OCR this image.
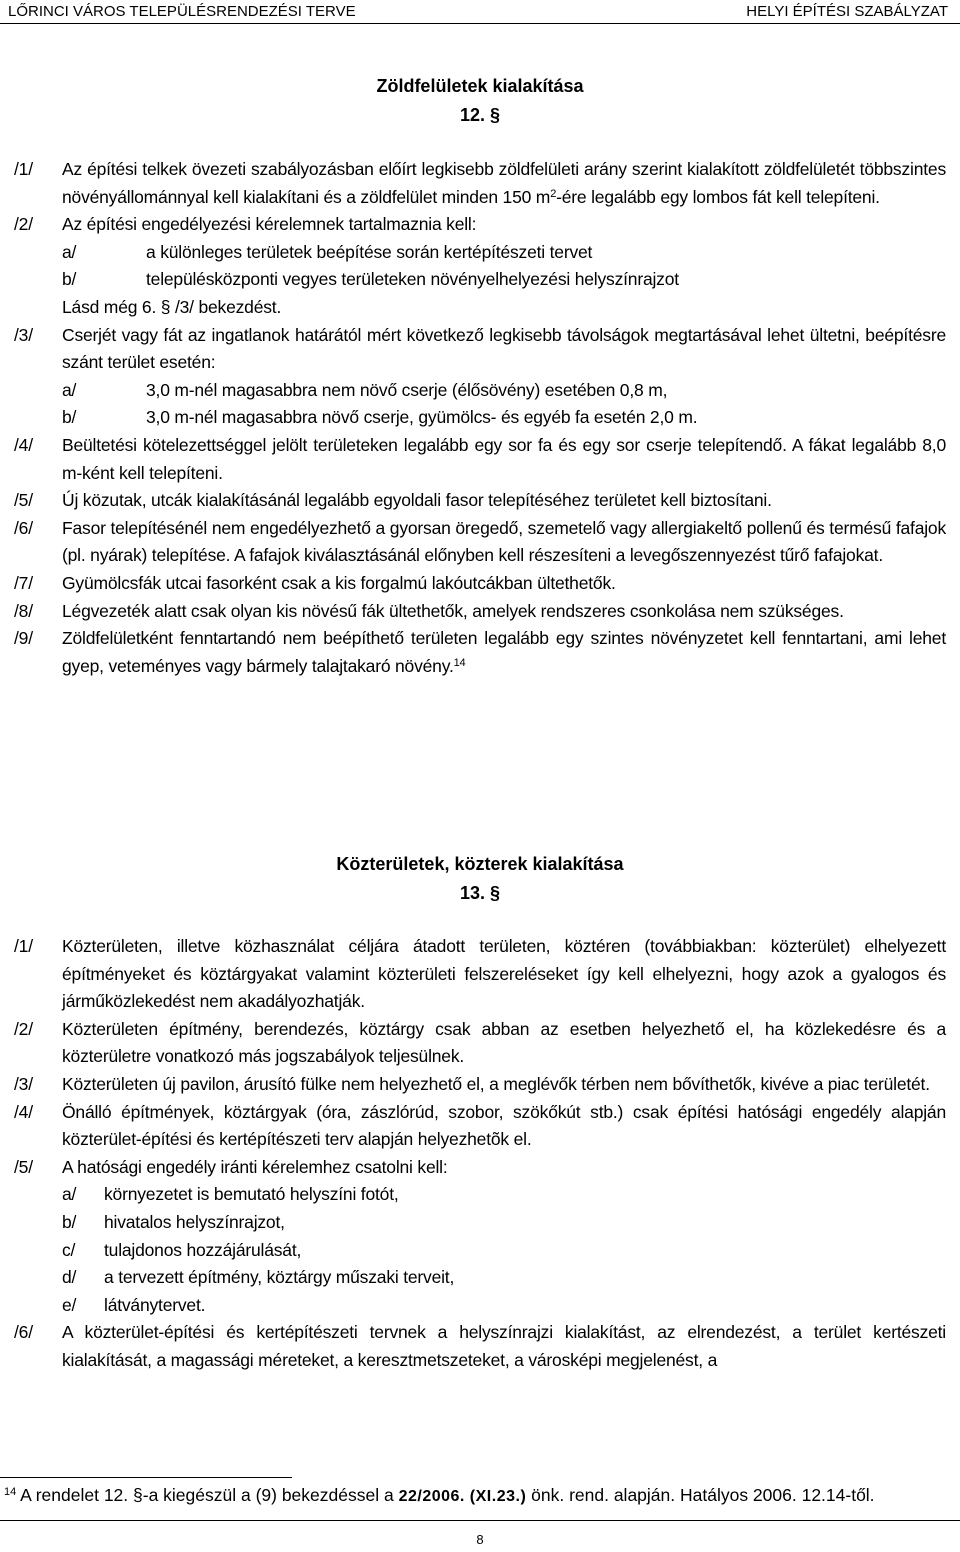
LŐRINCI VÁROS TELEPÜLÉSRENDEZÉSI TERVE	HELYI ÉPÍTÉSI SZABÁLYZAT
Zöldfelületek kialakítása
12. §
/1/ Az építési telkek övezeti szabályozásban előírt legkisebb zöldfelületi arány szerint kialakított zöldfelületét többszintes növényállománnyal kell kialakítani és a zöldfelület minden 150 $m^2$-ére legalább egy lombos fát kell telepíteni.
/2/ Az építési engedélyezési kérelemnek tartalmaznia kell:
a/	a különleges területek beépítése során kertépítészeti tervet
b/	településközponti vegyes területeken növényelhelyezési helyszínrajzot
Lásd még 6. § /3/ bekezdést.
/3/ Cserjét vagy fát az ingatlanok határától mért következő legkisebb távolságok megtartásával lehet ültetni, beépítésre szánt terület esetén:
a/	3,0 m-nél magasabbra nem növő cserje (élősövény) esetében 0,8 m,
b/	3,0 m-nél magasabbra növő cserje, gyümölcs- és egyéb fa esetén 2,0 m.
/4/ Beültetési kötelezettséggel jelölt területeken legalább egy sor fa és egy sor cserje telepítendő. A fákat legalább 8,0 m-ként kell telepíteni.
/5/ Új közutak, utcák kialakításánál legalább egyoldali fasor telepítéséhez területet kell biztosítani.
/6/ Fasor telepítésénél nem engedélyezhető a gyorsan öregedő, szemetelő vagy allergiakeltő pollenű és termésű fafajok (pl. nyárak) telepítése. A fafajok kiválasztásánál előnyben kell részesíteni a levegőszennyezést tűrő fafajokat.
/7/ Gyümölcsfák utcai fasorként csak a kis forgalmú lakóutcákban ültethetők.
/8/ Légvezeték alatt csak olyan kis növésű fák ültethetők, amelyek rendszeres csonkolása nem szükséges.
/9/ Zöldfelületként fenntartandó nem beépíthető területen legalább egy szintes növényzetet kell fenntartani, ami lehet gyep, veteményes vagy bármely talajtakaró növény.$^{14}$
Közterületek, közterek kialakítása
13. §
/1/ Közterületen, illetve közhasználat céljára átadott területen, köztéren (továbbiakban: közterület) elhelyezett építményeket és köztárgyakat valamint közterületi felszereléseket így kell elhelyezni, hogy azok a gyalogos és járműközlekedést nem akadályozhatják.
/2/ Közterületen építmény, berendezés, köztárgy csak abban az esetben helyezhető el, ha közlekedésre és a közterületre vonatkozó más jogszabályok teljesülnek.
/3/ Közterületen új pavilon, árusító fülke nem helyezhető el, a meglévők térben nem bővíthetők, kivéve a piac területét.
/4/ Önálló építmények, köztárgyak (óra, zászlórúd, szobor, szökőkút stb.) csak építési hatósági engedély alapján közterület-építési és kertépítészeti terv alapján helyezhetõk el.
/5/ A hatósági engedély iránti kérelemhez csatolni kell:
a/ környezetet is bemutató helyszíni fotót,
b/ hivatalos helyszínrajzot,
c/ tulajdonos hozzájárulását,
d/ a tervezett építmény, köztárgy műszaki terveit,
e/ látványtervet.
/6/ A közterület-építési és kertépítészeti tervnek a helyszínrajzi kialakítást, az elrendezést, a terület kertészeti kialakítását, a magassági méreteket, a keresztmetszeteket, a városképi megjelenést, a
$^{14}$ A rendelet 12. §-a kiegészül a (9) bekezdéssel a 22/2006. (XI.23.) önk. rend. alapján. Hatályos 2006. 12.14-től.
8
